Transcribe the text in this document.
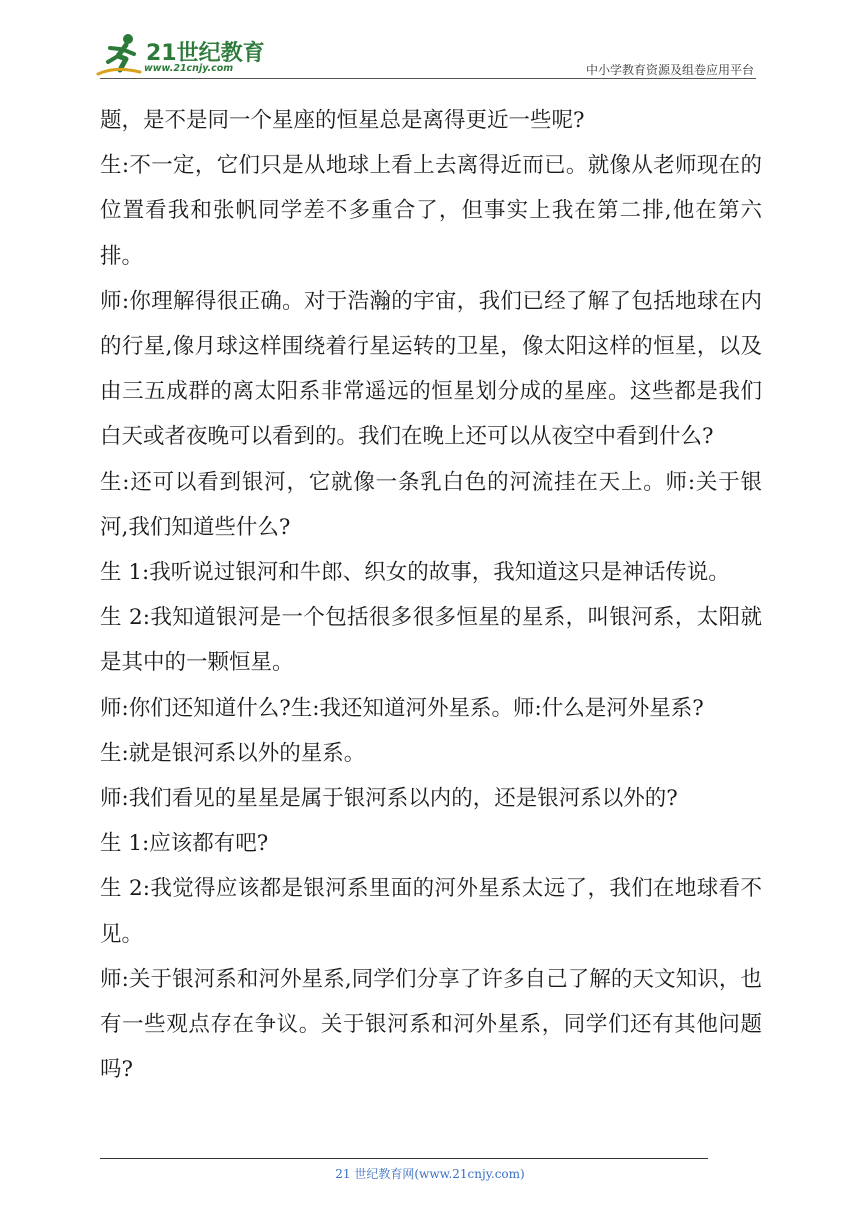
21世纪教育
www.21cnjy.com	中小学教育资源及组卷应用平台

题，是不是同一个星座的恒星总是离得更近一些呢?

生:不一定，它们只是从地球上看上去离得近而已。就像从老师现在的位置看我和张帆同学差不多重合了，但事实上我在第二排,他在第六排。

师:你理解得很正确。对于浩瀚的宇宙，我们已经了解了包括地球在内的行星,像月球这样围绕着行星运转的卫星，像太阳这样的恒星，以及由三五成群的离太阳系非常遥远的恒星划分成的星座。这些都是我们白天或者夜晚可以看到的。我们在晚上还可以从夜空中看到什么?

生:还可以看到银河，它就像一条乳白色的河流挂在天上。师:关于银河,我们知道些什么?

生 1:我听说过银河和牛郎、织女的故事，我知道这只是神话传说。

生 2:我知道银河是一个包括很多很多恒星的星系，叫银河系，太阳就是其中的一颗恒星。

师:你们还知道什么?生:我还知道河外星系。师:什么是河外星系?

生:就是银河系以外的星系。

师:我们看见的星星是属于银河系以内的，还是银河系以外的?

生 1:应该都有吧?

生 2:我觉得应该都是银河系里面的河外星系太远了，我们在地球看不见。

师:关于银河系和河外星系,同学们分享了许多自己了解的天文知识，也有一些观点存在争议。关于银河系和河外星系，同学们还有其他问题吗?

21 世纪教育网(www.21cnjy.com)
